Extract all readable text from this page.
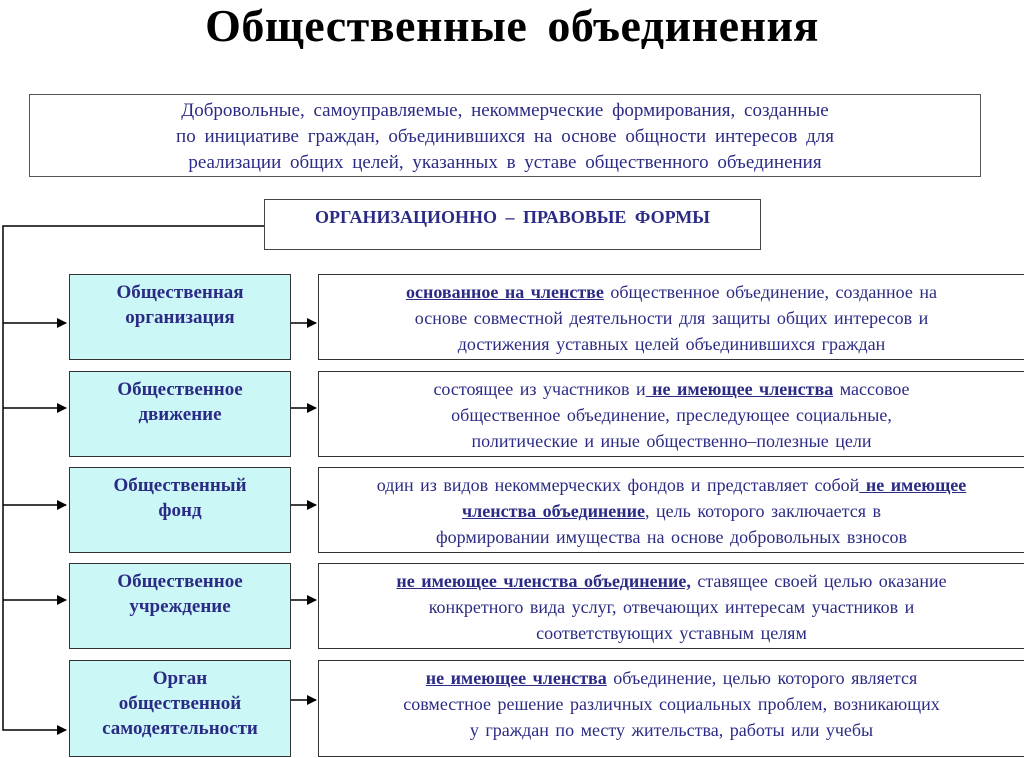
Общественные объединения
Добровольные, самоуправляемые, некоммерческие формирования, созданные
по инициативе граждан, объединившихся на основе общности интересов для
реализации общих целей, указанных в уставе общественного объединения
ОРГАНИЗАЦИОННО – ПРАВОВЫЕ ФОРМЫ
Общественная
организация
основанное на членстве общественное объединение, созданное на
основе совместной деятельности для защиты общих интересов и
достижения уставных целей объединившихся граждан
Общественное
движение
состоящее из участников и не имеющее членства массовое
общественное объединение, преследующее социальные,
политические и иные общественно–полезные цели
Общественный
фонд
один из видов некоммерческих фондов и представляет собой не имеющее
членства объединение, цель которого заключается в
формировании имущества на основе добровольных взносов
Общественное
учреждение
не имеющее членства объединение, ставящее своей целью оказание
конкретного вида услуг, отвечающих интересам участников и
соответствующих уставным целям
Орган
общественной
самодеятельности
не имеющее членства объединение, целью которого является
совместное решение различных социальных проблем, возникающих
у граждан по месту жительства, работы или учебы
